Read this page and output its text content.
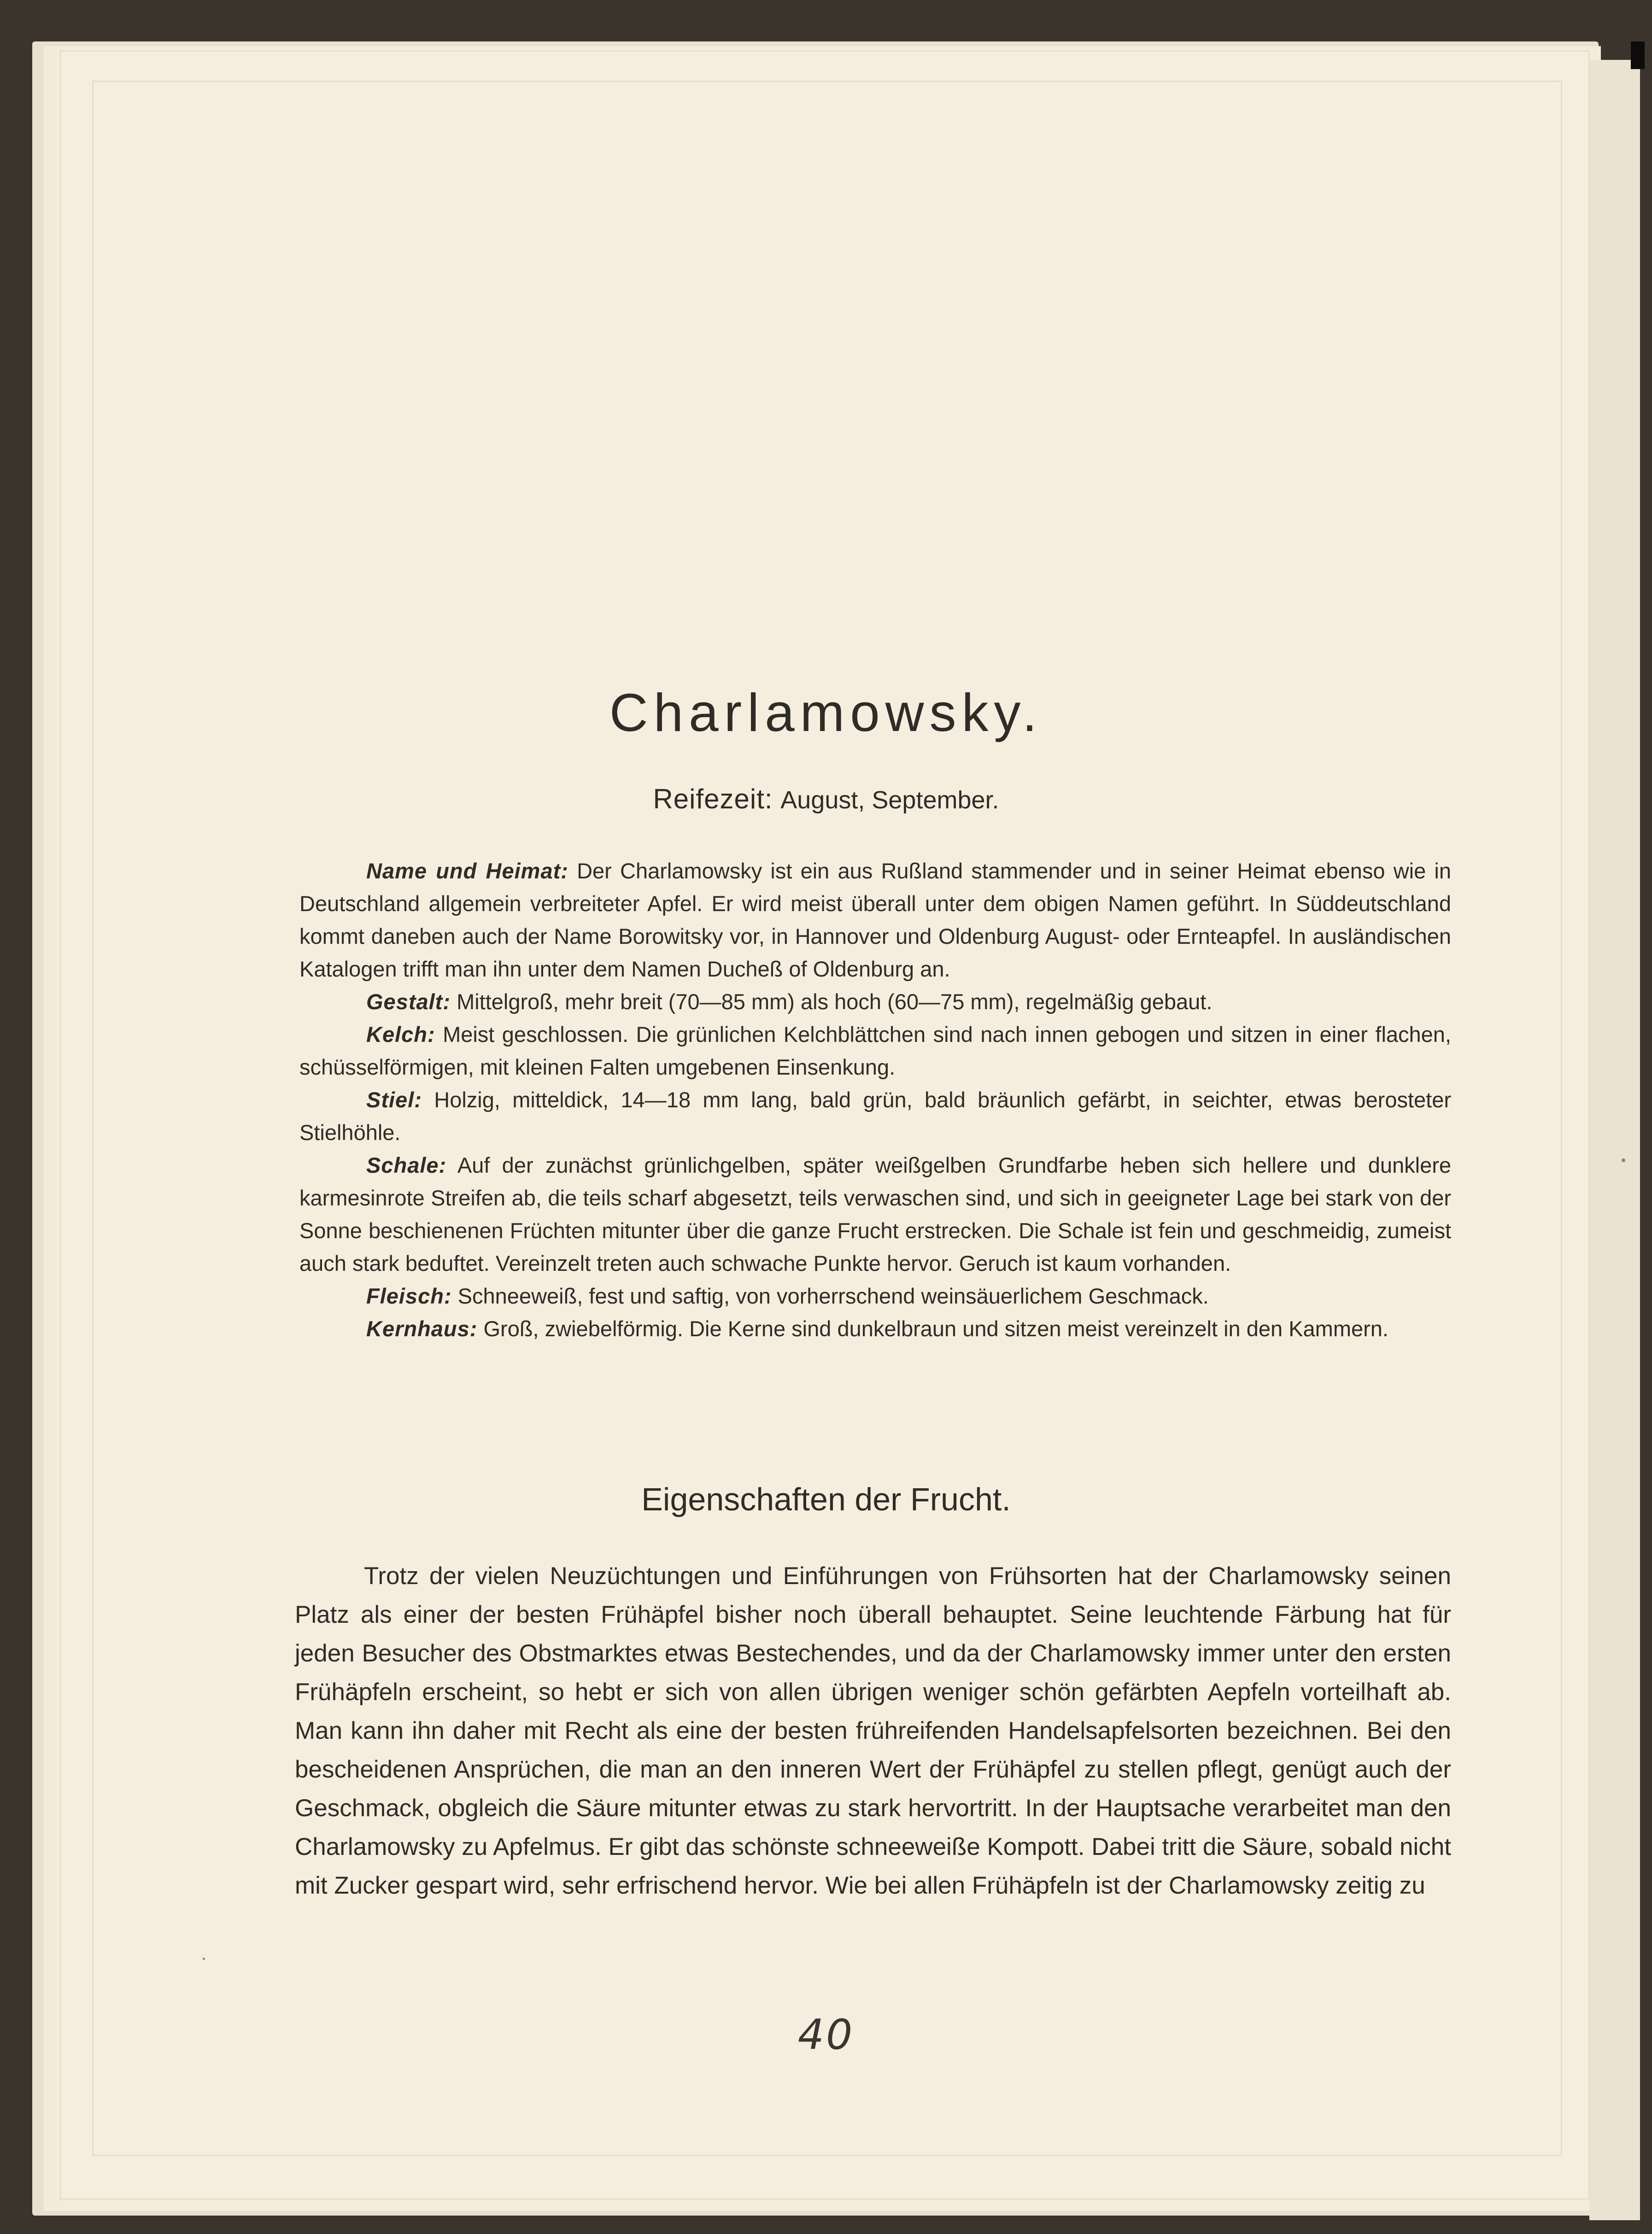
Charlamowsky.
Reifezeit: August, September.

Name und Heimat: Der Charlamowsky ist ein aus Rußland stammender und in seiner Heimat ebenso wie in Deutschland allgemein verbreiteter Apfel. Er wird meist überall unter dem obigen Namen geführt. In Süddeutschland kommt daneben auch der Name Borowitsky vor, in Hannover und Oldenburg August- oder Ernteapfel. In ausländischen Katalogen trifft man ihn unter dem Namen Ducheß of Oldenburg an.

Gestalt: Mittelgroß, mehr breit (70—85 mm) als hoch (60—75 mm), regelmäßig gebaut.

Kelch: Meist geschlossen. Die grünlichen Kelchblättchen sind nach innen gebogen und sitzen in einer flachen, schüsselförmigen, mit kleinen Falten umgebenen Einsenkung.

Stiel: Holzig, mitteldick, 14—18 mm lang, bald grün, bald bräunlich gefärbt, in seichter, etwas berosteter Stielhöhle.

Schale: Auf der zunächst grünlichgelben, später weißgelben Grundfarbe heben sich hellere und dunklere karmesinrote Streifen ab, die teils scharf abgesetzt, teils verwaschen sind, und sich in geeigneter Lage bei stark von der Sonne beschienenen Früchten mitunter über die ganze Frucht erstrecken. Die Schale ist fein und geschmeidig, zumeist auch stark beduftet. Vereinzelt treten auch schwache Punkte hervor. Geruch ist kaum vorhanden.

Fleisch: Schneeweiß, fest und saftig, von vorherrschend weinsäuerlichem Geschmack.

Kernhaus: Groß, zwiebelförmig. Die Kerne sind dunkelbraun und sitzen meist vereinzelt in den Kammern.

Eigenschaften der Frucht.

Trotz der vielen Neuzüchtungen und Einführungen von Frühsorten hat der Charlamowsky seinen Platz als einer der besten Frühäpfel bisher noch überall behauptet. Seine leuchtende Färbung hat für jeden Besucher des Obstmarktes etwas Bestechendes, und da der Charlamowsky immer unter den ersten Frühäpfeln erscheint, so hebt er sich von allen übrigen weniger schön gefärbten Aepfeln vorteilhaft ab. Man kann ihn daher mit Recht als eine der besten frühreifenden Handelsapfelsorten bezeichnen. Bei den bescheidenen Ansprüchen, die man an den inneren Wert der Frühäpfel zu stellen pflegt, genügt auch der Geschmack, obgleich die Säure mitunter etwas zu stark hervortritt. In der Hauptsache verarbeitet man den Charlamowsky zu Apfelmus. Er gibt das schönste schneeweiße Kompott. Dabei tritt die Säure, sobald nicht mit Zucker gespart wird, sehr erfrischend hervor. Wie bei allen Frühäpfeln ist der Charlamowsky zeitig zu

40
